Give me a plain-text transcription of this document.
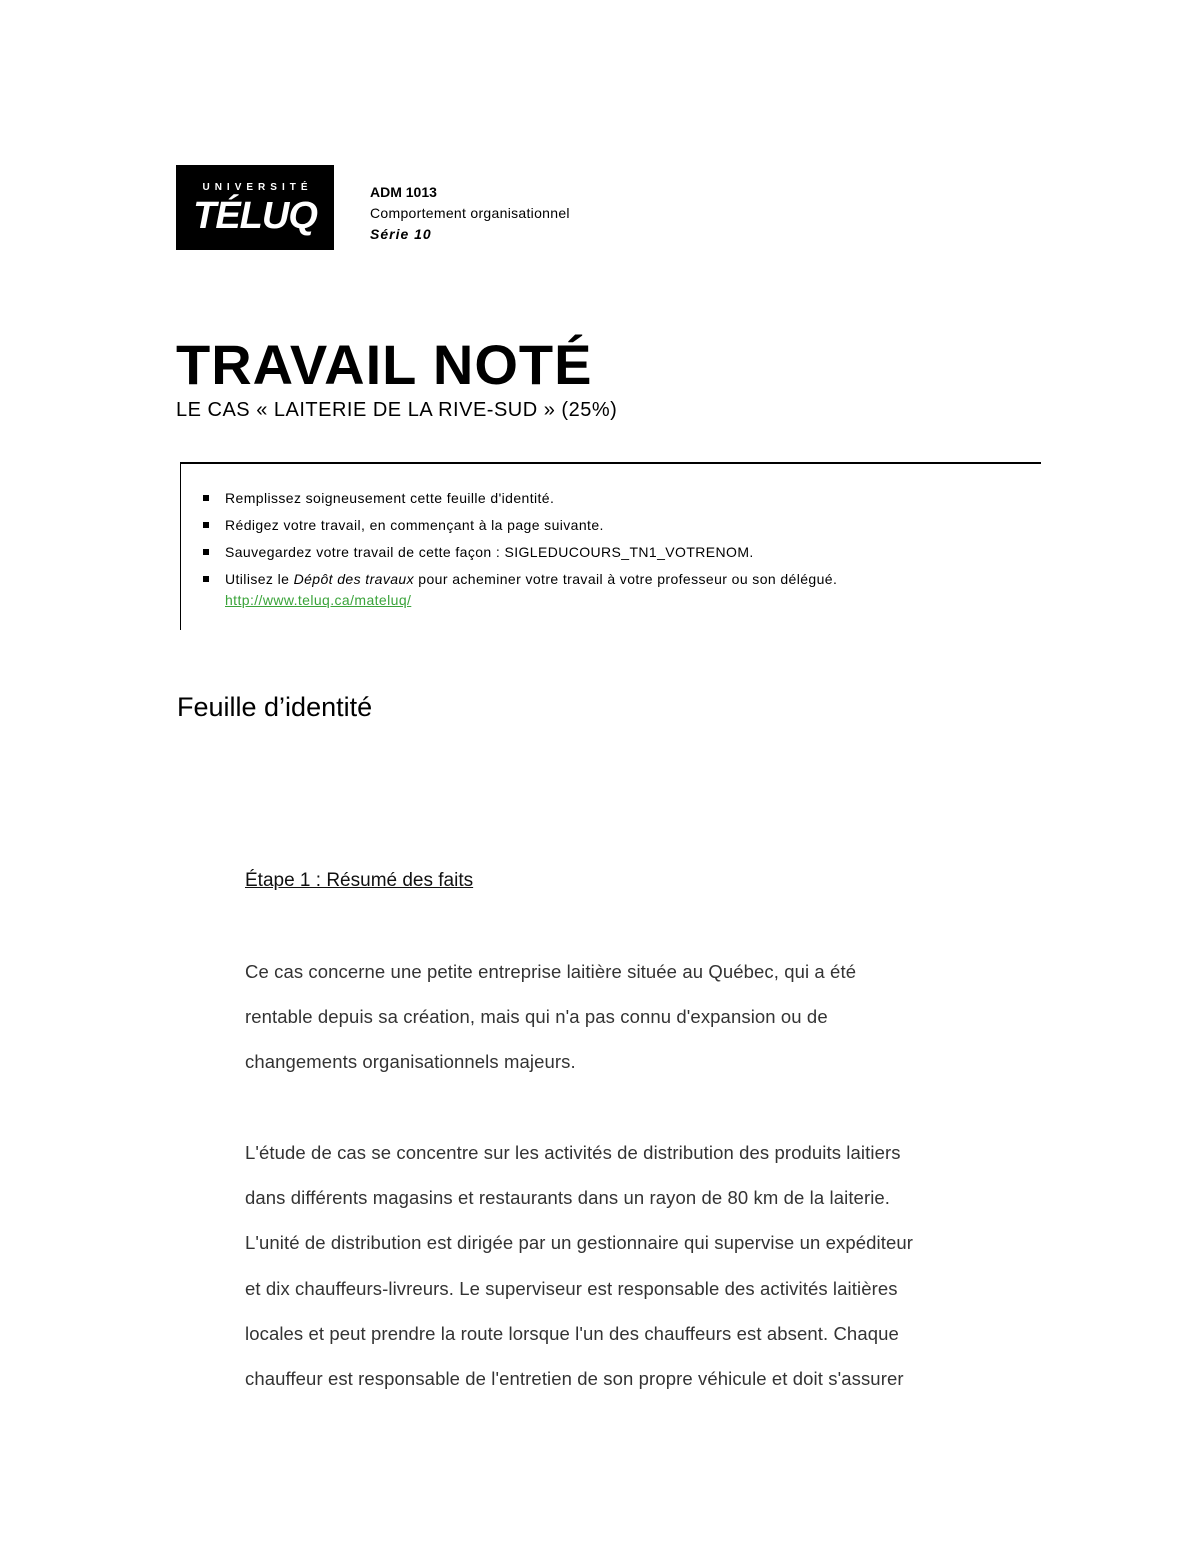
UNIVERSITÉ
TÉLUQ
ADM 1013
Comportement organisationnel
Série 10
TRAVAIL NOTÉ
LE CAS « LAITERIE DE LA RIVE-SUD » (25%)
Remplissez soigneusement cette feuille d'identité.
Rédigez votre travail, en commençant à la page suivante.
Sauvegardez votre travail de cette façon : SIGLEDUCOURS_TN1_VOTRENOM.
Utilisez le Dépôt des travaux pour acheminer votre travail à votre professeur ou son délégué.
http://www.teluq.ca/mateluq/
Feuille d’identité
Étape 1 : Résumé des faits

Ce cas concerne une petite entreprise laitière située au Québec, qui a été
rentable depuis sa création, mais qui n'a pas connu d'expansion ou de
changements organisationnels majeurs.

L'étude de cas se concentre sur les activités de distribution des produits laitiers
dans différents magasins et restaurants dans un rayon de 80 km de la laiterie.
L'unité de distribution est dirigée par un gestionnaire qui supervise un expéditeur
et dix chauffeurs-livreurs. Le superviseur est responsable des activités laitières
locales et peut prendre la route lorsque l'un des chauffeurs est absent. Chaque
chauffeur est responsable de l'entretien de son propre véhicule et doit s'assurer
